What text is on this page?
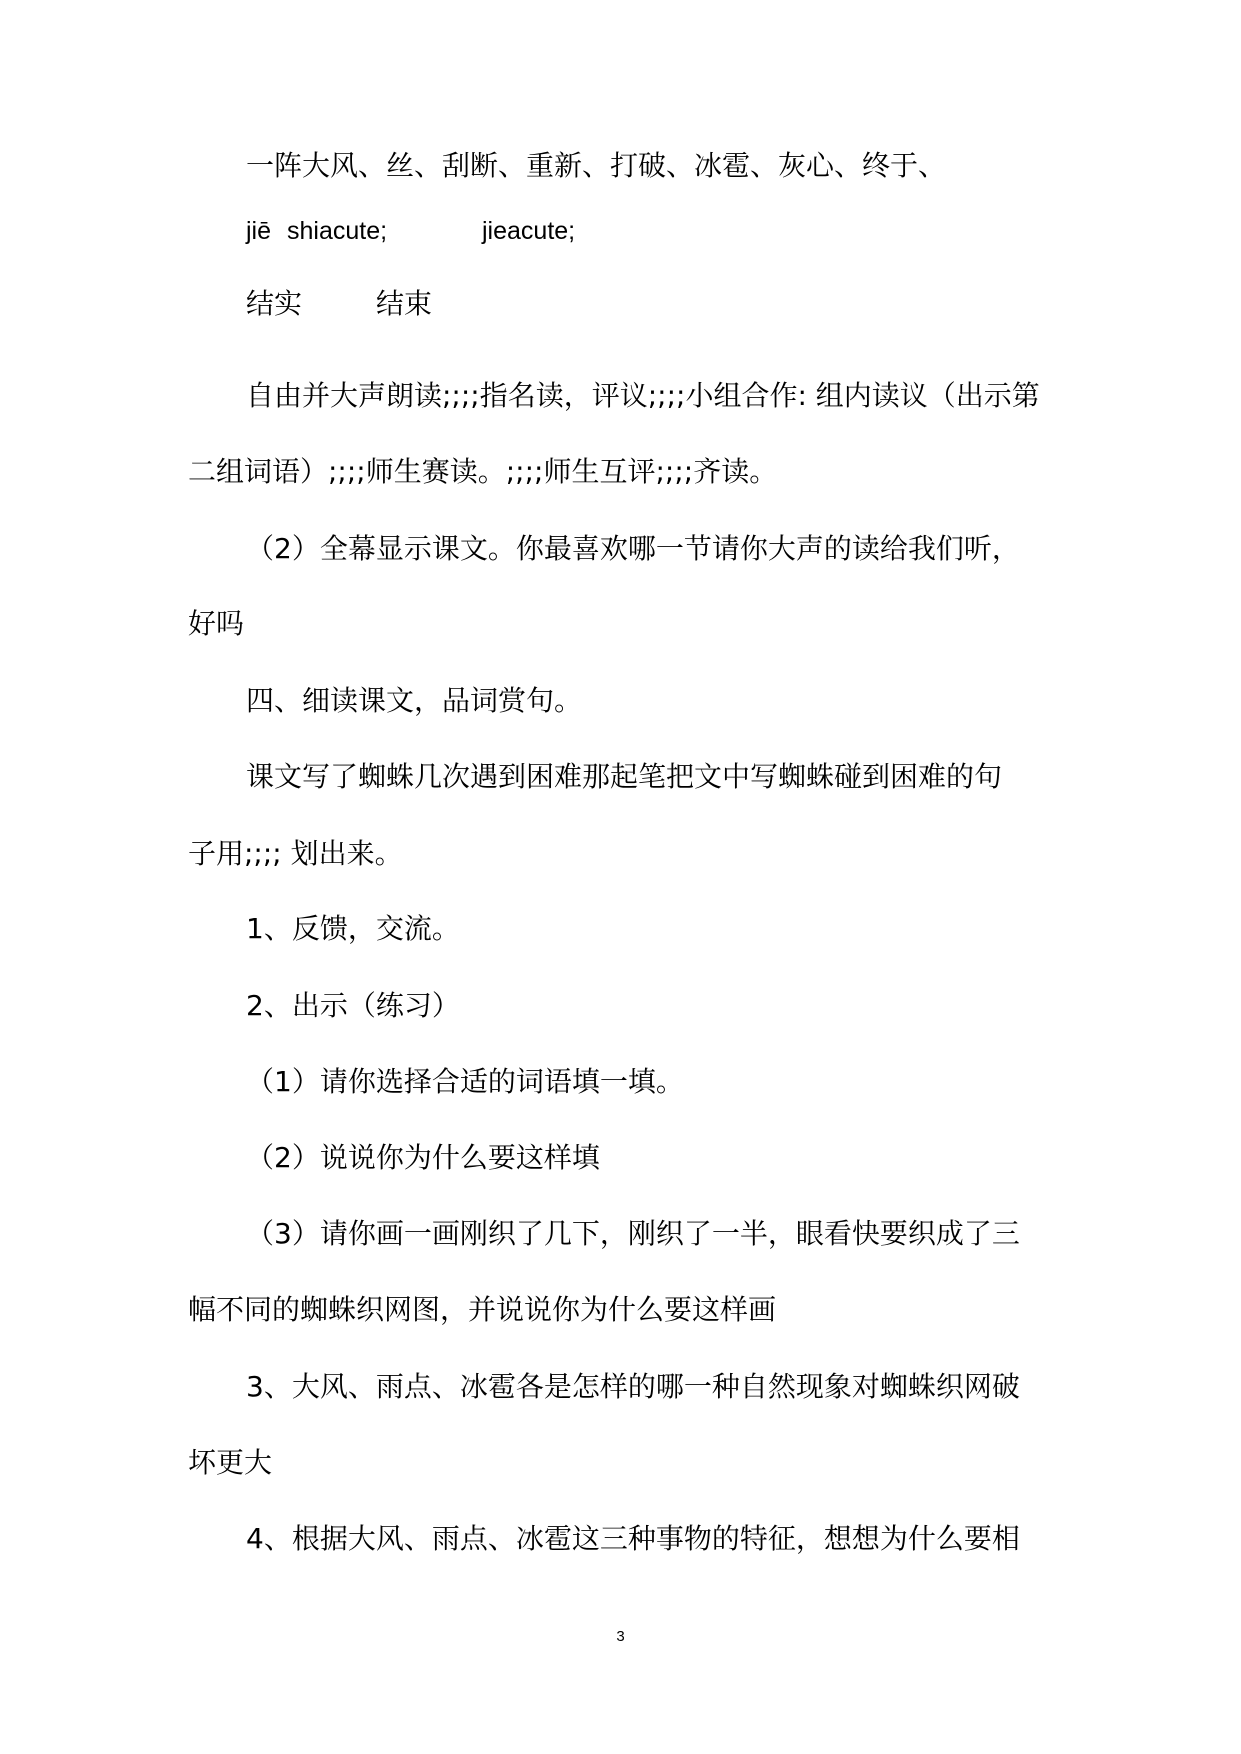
一阵大风、丝、刮断、重新、打破、冰雹、灰心、终于、

jiē shiacute;	jieacute;

结实	结束

自由并大声朗读;;;;指名读，评议;;;;小组合作: 组内读议（出示第

二组词语）;;;;师生赛读。;;;;师生互评;;;;齐读。

（2）全幕显示课文。你最喜欢哪一节请你大声的读给我们听，

好吗

四、细读课文，品词赏句。

课文写了蜘蛛几次遇到困难那起笔把文中写蜘蛛碰到困难的句

子用;;;; 划出来。

1、反馈，交流。

2、出示（练习）

（1）请你选择合适的词语填一填。

（2）说说你为什么要这样填

（3）请你画一画刚织了几下，刚织了一半，眼看快要织成了三

幅不同的蜘蛛织网图，并说说你为什么要这样画

3、大风、雨点、冰雹各是怎样的哪一种自然现象对蜘蛛织网破

坏更大

4、根据大风、雨点、冰雹这三种事物的特征，想想为什么要相

3
